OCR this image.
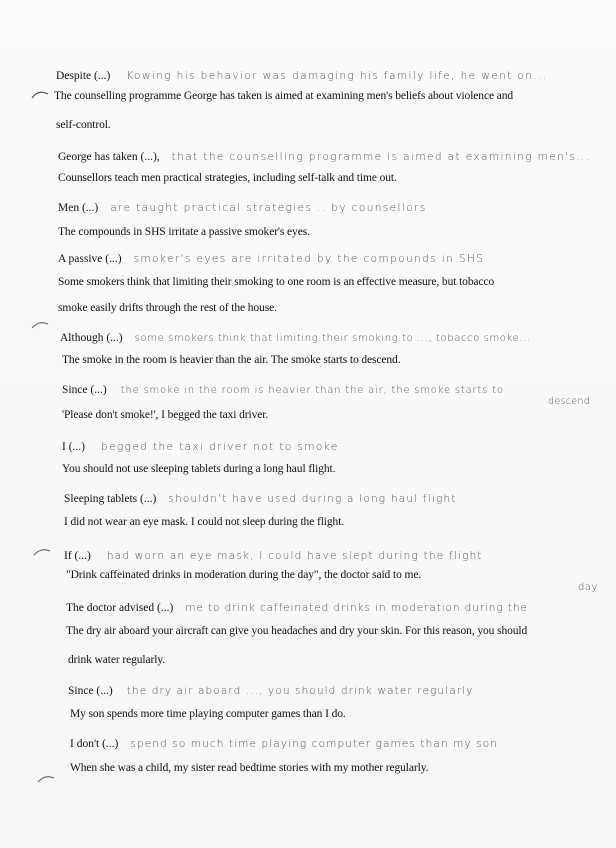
Despite (...) Kowing his behavior was damaging his family life, he went on...
The counselling programme George has taken is aimed at examining men's beliefs about violence and
self-control.
George has taken (...), that the counselling programme is aimed at examining men's...
Counsellors teach men practical strategies, including self-talk and time out.
Men (...) are taught practical strategies .. by counsellors
The compounds in SHS irritate a passive smoker's eyes.
A passive (...) smoker's eyes are irritated by the compounds in SHS
Some smokers think that limiting their smoking to one room is an effective measure, but tobacco
smoke easily drifts through the rest of the house.
Although (...) some smokers think that limiting their smoking to ..., tobacco smoke...
The smoke in the room is heavier than the air. The smoke starts to descend.
Since (...) the smoke in the room is heavier than the air, the smoke starts to
descend
'Please don't smoke!', I begged the taxi driver.
I (...) begged the taxi driver not to smoke
You should not use sleeping tablets during a long haul flight.
Sleeping tablets (...) shouldn't have used during a long haul flight
I did not wear an eye mask. I could not sleep during the flight.
If (...) had worn an eye mask, I could have slept during the flight
"Drink caffeinated drinks in moderation during the day", the doctor said to me.
day
The doctor advised (...) me to drink caffeinated drinks in moderation during the
The dry air aboard your aircraft can give you headaches and dry your skin. For this reason, you should
drink water regularly.
Since (...) the dry air aboard ..., you should drink water regularly
My son spends more time playing computer games than I do.
I don't (...) spend so much time playing computer games than my son
When she was a child, my sister read bedtime stories with my mother regularly.
